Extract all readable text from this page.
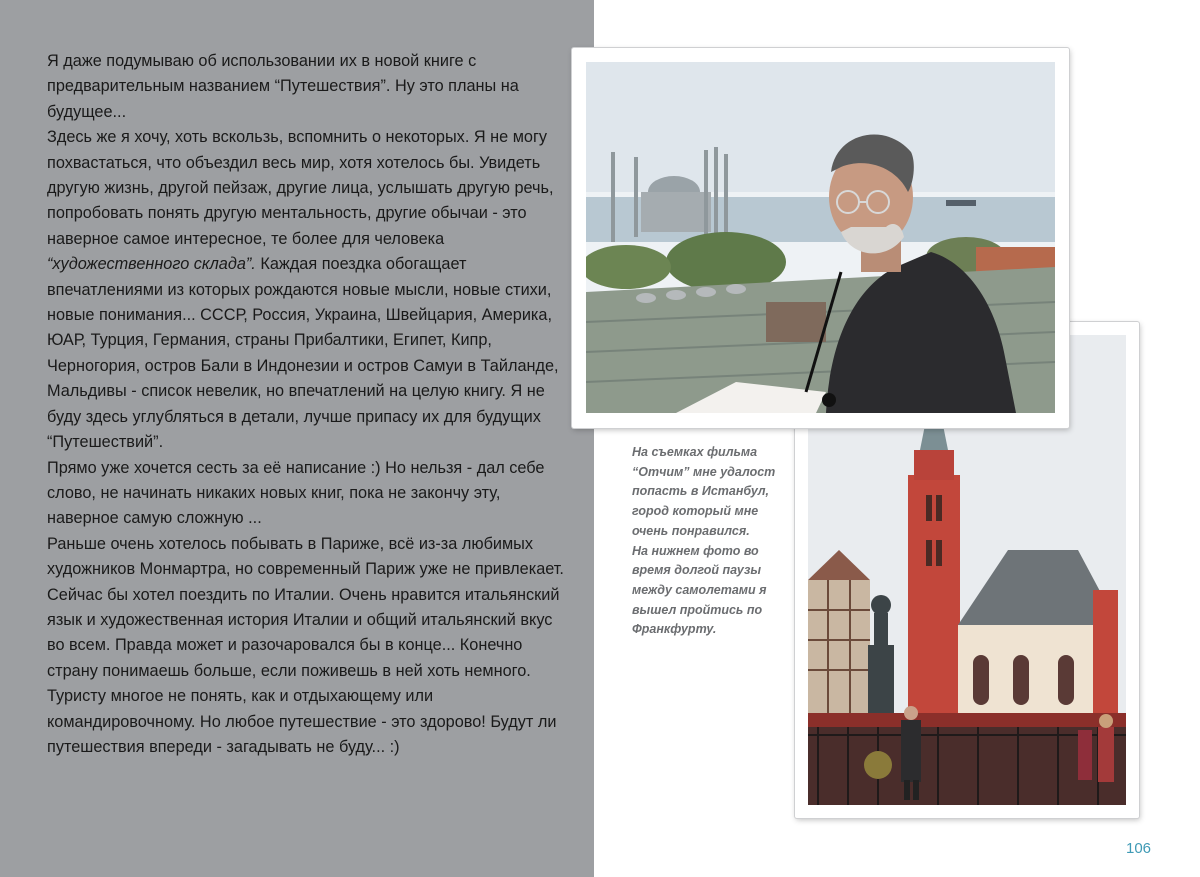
Я даже подумываю об использовании их в новой книге с предварительным названием “Путешествия”. Ну это планы на будущее...

Здесь же я хочу, хоть вскользь, вспомнить о некоторых. Я не могу похвастаться, что объездил весь мир, хотя хотелось бы. Увидеть другую жизнь, другой пейзаж, другие лица, услышать другую речь, попробовать понять другую ментальность, другие обычаи - это наверное самое интересное, те более для человека “художественного склада”. Каждая поездка обогащает впечатлениями из которых рождаются новые мысли, новые стихи, новые понимания... СССР, Россия, Украина, Швейцария, Америка, ЮАР, Турция, Германия, страны Прибалтики, Египет, Кипр, Черногория, остров Бали в Индонезии и остров Самуи в Тайланде, Мальдивы - список невелик, но впечатлений на целую книгу. Я не буду здесь углубляться в детали, лучше припасу их для будущих “Путешествий”.

Прямо уже хочется сесть за её написание :) Но нельзя - дал себе слово, не начинать никаких новых книг, пока не закончу эту, наверное самую сложную ...

Раньше очень хотелось побывать в Париже, всё из-за любимых художников Монмартра, но современный Париж уже не привлекает. Сейчас бы хотел поездить по Италии. Очень нравится итальянский язык и художественная история Италии и общий итальянский вкус во всем. Правда может и разочаровался бы в конце... Конечно страну понимаешь больше, если поживешь в ней хоть немного. Туристу многое не понять, как и отдыхающему или командировочному. Но любое путешествие - это здорово! Будут ли путешествия впереди - загадывать не буду... :)

На съемках фильма “Отчим” мне удалост попасть в Истанбул, город который мне очень понравился.

На нижнем фото во время долгой паузы между самолетами я вышел пройтись по Франкфурту.

106
